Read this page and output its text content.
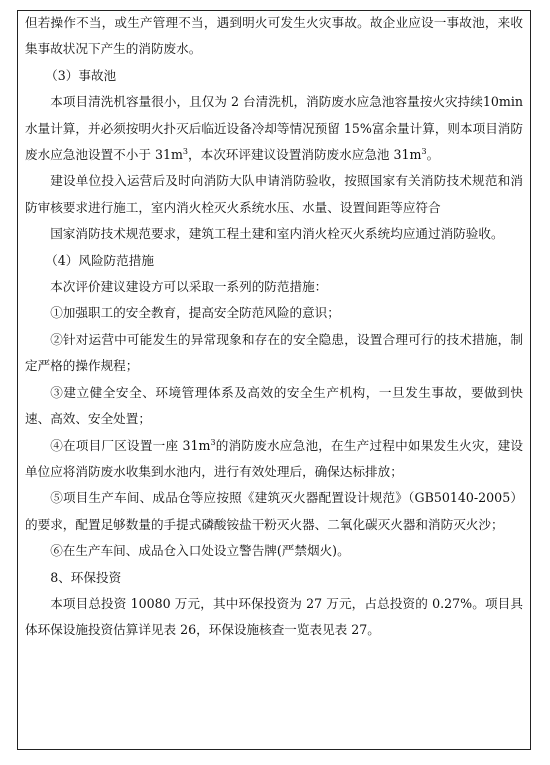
但若操作不当，或生产管理不当，遇到明火可发生火灾事故。故企业应设一事故池，来收集事故状况下产生的消防废水。

（3）事故池

本项目清洗机容量很小，且仅为 2 台清洗机，消防废水应急池容量按火灾持续10min 水量计算，并必须按明火扑灭后临近设备冷却等情况预留 15%富余量计算，则本项目消防废水应急池设置不小于 $31m^3$，本次环评建议设置消防废水应急池 $31m^3$。

建设单位投入运营后及时向消防大队申请消防验收，按照国家有关消防技术规范和消防审核要求进行施工，室内消火栓灭火系统水压、水量、设置间距等应符合

国家消防技术规范要求，建筑工程土建和室内消火栓灭火系统均应通过消防验收。

（4）风险防范措施

本次评价建议建设方可以采取一系列的防范措施：

①加强职工的安全教育，提高安全防范风险的意识；

②针对运营中可能发生的异常现象和存在的安全隐患，设置合理可行的技术措施，制定严格的操作规程；

③建立健全安全、环境管理体系及高效的安全生产机构，一旦发生事故，要做到快速、高效、安全处置；

④在项目厂区设置一座 $31m^3$的消防废水应急池，在生产过程中如果发生火灾，建设单位应将消防废水收集到水池内，进行有效处理后，确保达标排放；

⑤项目生产车间、成品仓等应按照《建筑灭火器配置设计规范》（GB50140-2005）的要求，配置足够数量的手提式磷酸铵盐干粉灭火器、二氧化碳灭火器和消防灭火沙；

⑥在生产车间、成品仓入口处设立警告牌(严禁烟火)。

8、环保投资

本项目总投资 10080 万元，其中环保投资为 27 万元，占总投资的 0.27%。项目具体环保设施投资估算详见表 26，环保设施核查一览表见表 27。
